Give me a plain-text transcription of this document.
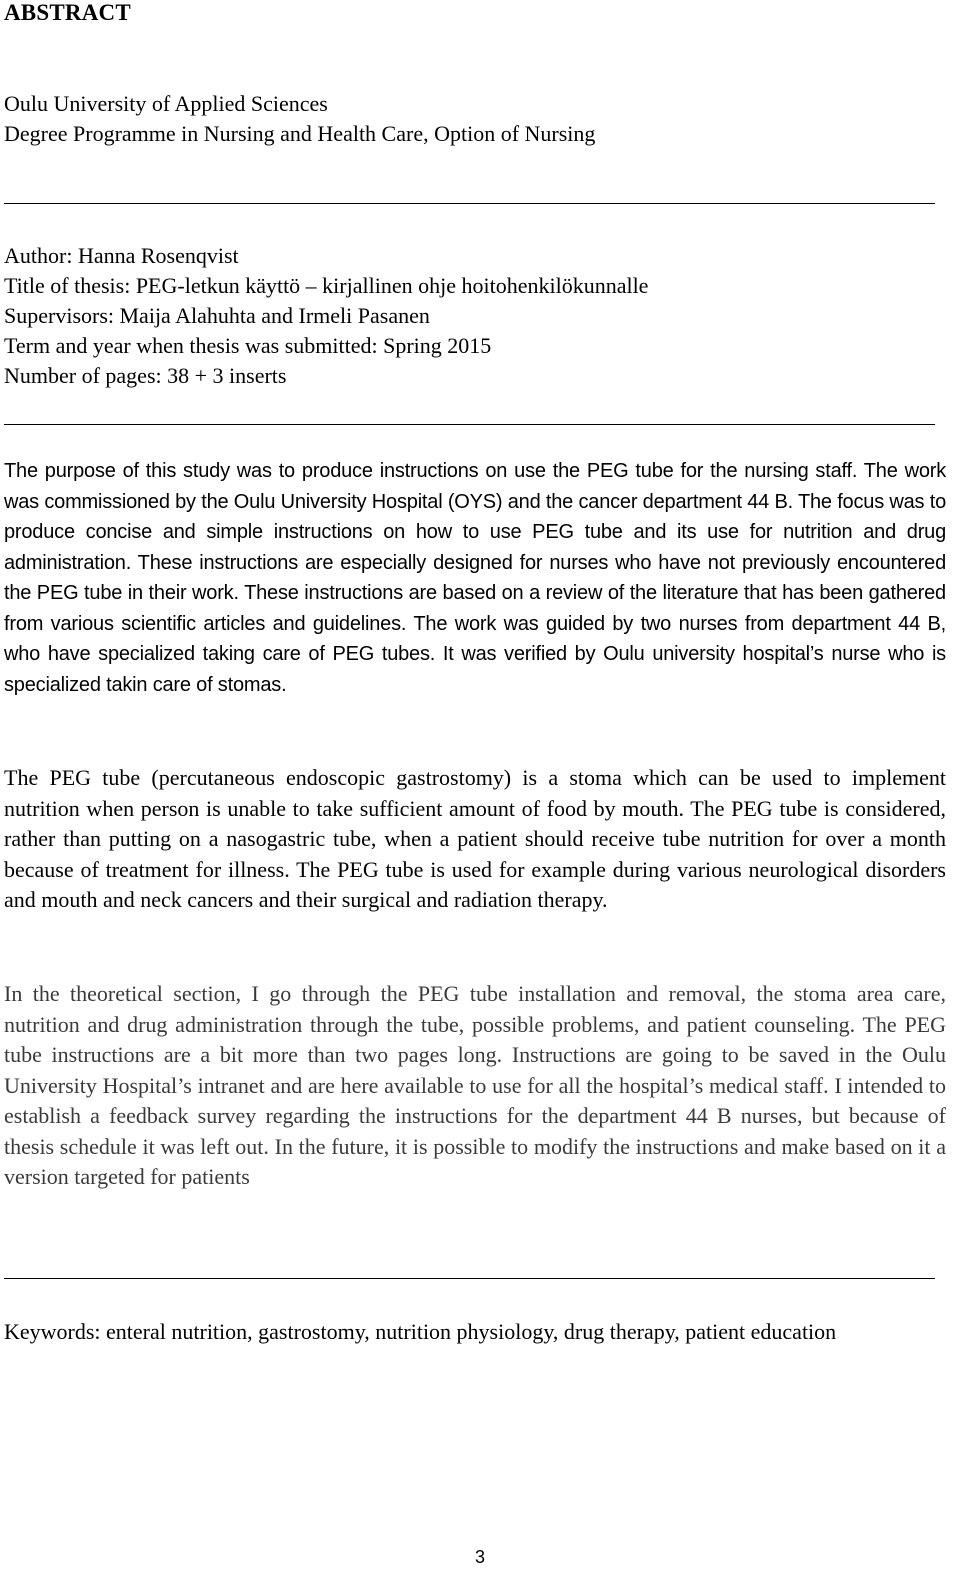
ABSTRACT
Oulu University of Applied Sciences
Degree Programme in Nursing and Health Care, Option of Nursing
Author: Hanna Rosenqvist
Title of thesis: PEG-letkun käyttö – kirjallinen ohje hoitohenkilökunnalle
Supervisors: Maija Alahuhta and Irmeli Pasanen
Term and year when thesis was submitted: Spring 2015
Number of pages: 38 + 3 inserts
The purpose of this study was to produce instructions on use the PEG tube for the nursing staff. The work was commissioned by the Oulu University Hospital (OYS) and the cancer department 44 B. The focus was to produce concise and simple instructions on how to use PEG tube and its use for nutrition and drug administration. These instructions are especially designed for nurses who have not previously encountered the PEG tube in their work. These instructions are based on a review of the literature that has been gathered from various scientific articles and guidelines. The work was guided by two nurses from department 44 B, who have specialized taking care of PEG tubes. It was verified by Oulu university hospital’s nurse who is specialized takin care of stomas.
The PEG tube (percutaneous endoscopic gastrostomy) is a stoma which can be used to implement nutrition when person is unable to take sufficient amount of food by mouth. The PEG tube is considered, rather than putting on a nasogastric tube, when a patient should receive tube nutrition for over a month because of treatment for illness. The PEG tube is used for example during various neurological disorders and mouth and neck cancers and their surgical and radiation therapy.
In the theoretical section, I go through the PEG tube installation and removal, the stoma area care, nutrition and drug administration through the tube, possible problems, and patient counseling. The PEG tube instructions are a bit more than two pages long. Instructions are going to be saved in the Oulu University Hospital’s intranet and are here available to use for all the hospital’s medical staff. I intended to establish a feedback survey regarding the instructions for the department 44 B nurses, but because of thesis schedule it was left out. In the future, it is possible to modify the instructions and make based on it a version targeted for patients
Keywords: enteral nutrition, gastrostomy, nutrition physiology, drug therapy, patient education
3
